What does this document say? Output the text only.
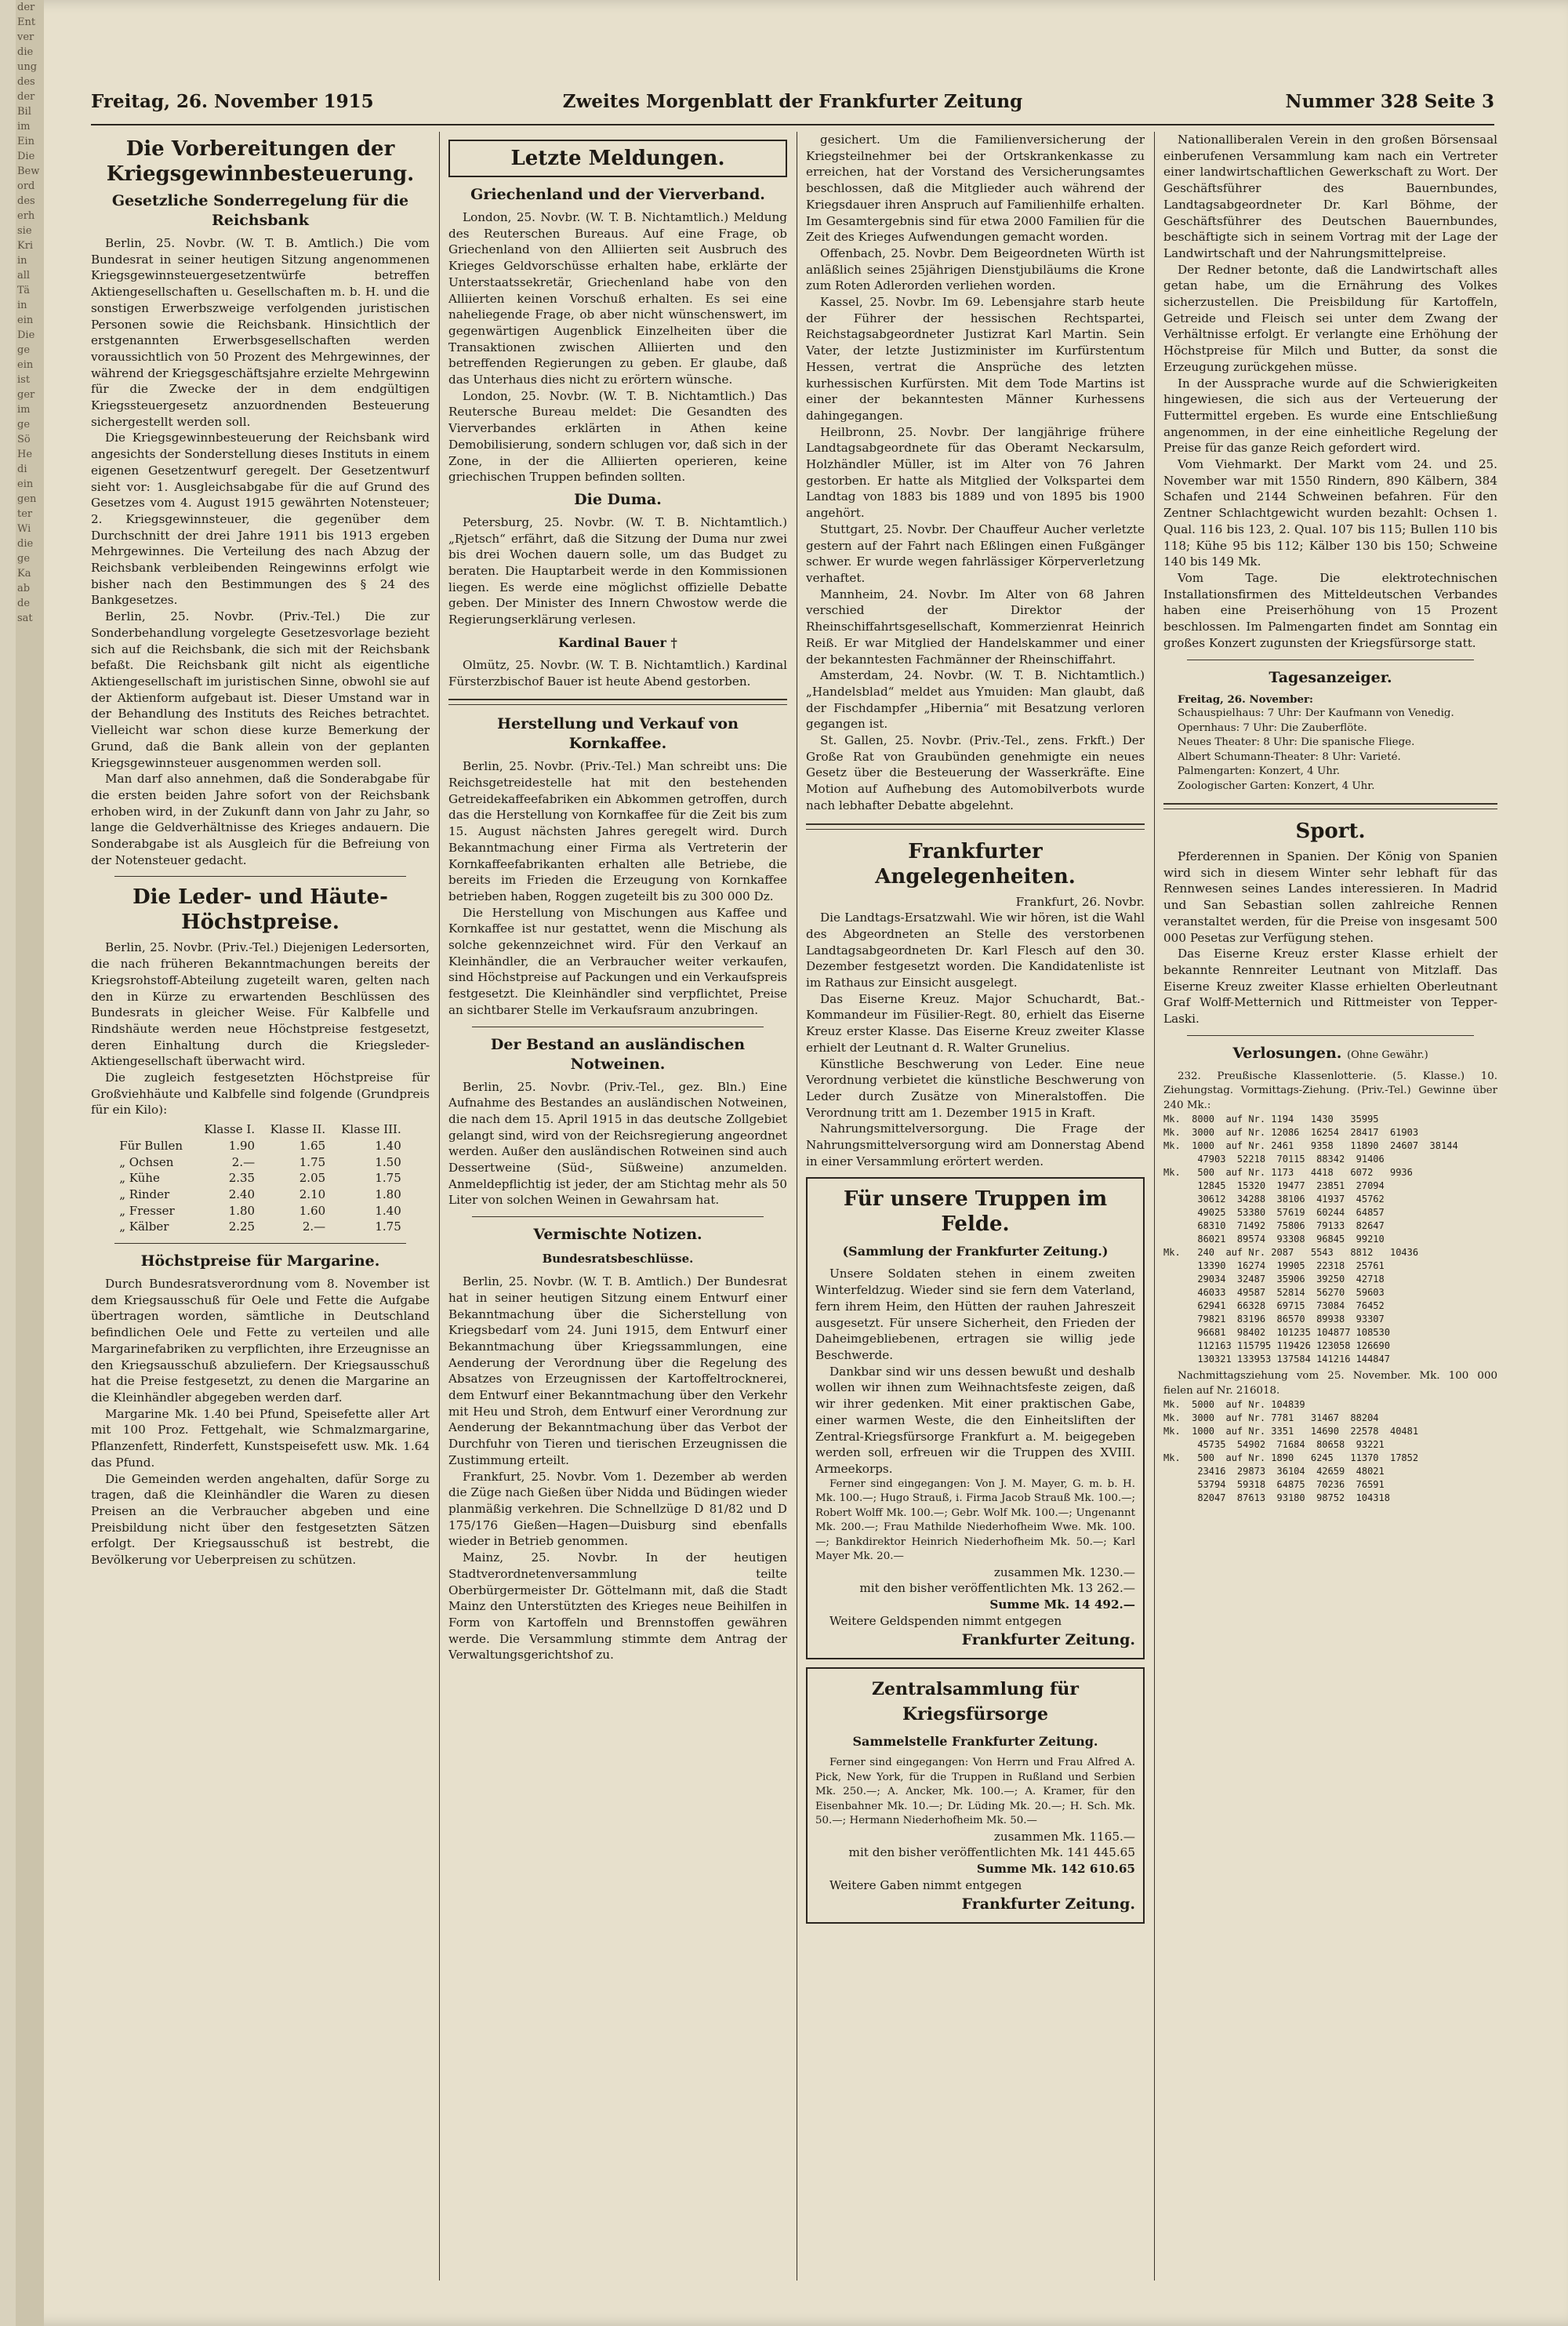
der

Ent

ver

die

ung

des

der

Bil

im

Ein

Die

Bew

ord

des

erh

sie

Kri

in

all

Tä

in

ein

Die

ge

ein

ist

ger

im

ge

Sö

He

di

ein

gen

ter

Wi

die

ge

Ka

ab

de

sat

Freitag, 26. November 1915	Zweites Morgenblatt der Frankfurter Zeitung	Nummer 328 Seite 3
Die Vorbereitungen der Kriegsgewinnbesteuerung.
Gesetzliche Sonderregelung für die Reichsbank

Berlin, 25. Novbr. (W. T. B. Amtlich.) Die vom Bundesrat in seiner heutigen Sitzung angenommenen Kriegsgewinnsteuergesetzentwürfe betreffen Aktiengesellschaften u. Gesellschaften m. b. H. und die sonstigen Erwerbszweige verfolgenden juristischen Personen sowie die Reichsbank. Hinsichtlich der erstgenannten Erwerbsgesellschaften werden voraussichtlich von 50 Prozent des Mehrgewinnes, der während der Kriegsgeschäftsjahre erzielte Mehrgewinn für die Zwecke der in dem endgültigen Kriegssteuergesetz anzuordnenden Besteuerung sichergestellt werden soll.

Die Kriegsgewinnbesteuerung der Reichsbank wird angesichts der Sonderstellung dieses Instituts in einem eigenen Gesetzentwurf geregelt. Der Gesetzentwurf sieht vor: 1. Ausgleichsabgabe für die auf Grund des Gesetzes vom 4. August 1915 gewährten Notensteuer; 2. Kriegsgewinnsteuer, die gegenüber dem Durchschnitt der drei Jahre 1911 bis 1913 ergeben Mehrgewinnes. Die Verteilung des nach Abzug der Reichsbank verbleibenden Reingewinns erfolgt wie bisher nach den Bestimmungen des § 24 des Bankgesetzes.

Berlin, 25. Novbr. (Priv.-Tel.) Die zur Sonderbehandlung vorgelegte Gesetzesvorlage bezieht sich auf die Reichsbank, die sich mit der Reichsbank befaßt. Die Reichsbank gilt nicht als eigentliche Aktiengesellschaft im juristischen Sinne, obwohl sie auf der Aktienform aufgebaut ist. Dieser Umstand war in der Behandlung des Instituts des Reiches betrachtet. Vielleicht war schon diese kurze Bemerkung der Grund, daß die Bank allein von der geplanten Kriegsgewinnsteuer ausgenommen werden soll.

Man darf also annehmen, daß die Sonderabgabe für die ersten beiden Jahre sofort von der Reichsbank erhoben wird, in der Zukunft dann von Jahr zu Jahr, so lange die Geldverhältnisse des Krieges andauern. Die Sonderabgabe ist als Ausgleich für die Befreiung von der Notensteuer gedacht.

Die Leder- und Häute-Höchstpreise.

Berlin, 25. Novbr. (Priv.-Tel.) Diejenigen Ledersorten, die nach früheren Bekanntmachungen bereits der Kriegsrohstoff-Abteilung zugeteilt waren, gelten nach den in Kürze zu erwartenden Beschlüssen des Bundesrats in gleicher Weise. Für Kalbfelle und Rindshäute werden neue Höchstpreise festgesetzt, deren Einhaltung durch die Kriegsleder-Aktiengesellschaft überwacht wird.

Die zugleich festgesetzten Höchstpreise für Großviehhäute und Kalbfelle sind folgende (Grundpreis für ein Kilo):

	Klasse I.	Klasse II.	Klasse III.
Für Bullen	1.90	1.65	1.40
„ Ochsen	2.—	1.75	1.50
„ Kühe	2.35	2.05	1.75
„ Rinder	2.40	2.10	1.80
„ Fresser	1.80	1.60	1.40
„ Kälber	2.25	2.—	1.75
Höchstpreise für Margarine.

Durch Bundesratsverordnung vom 8. November ist dem Kriegsausschuß für Oele und Fette die Aufgabe übertragen worden, sämtliche in Deutschland befindlichen Oele und Fette zu verteilen und alle Margarinefabriken zu verpflichten, ihre Erzeugnisse an den Kriegsausschuß abzuliefern. Der Kriegsausschuß hat die Preise festgesetzt, zu denen die Margarine an die Kleinhändler abgegeben werden darf.

Margarine Mk. 1.40 bei Pfund, Speisefette aller Art mit 100 Proz. Fettgehalt, wie Schmalzmargarine, Pflanzenfett, Rinderfett, Kunstspeisefett usw. Mk. 1.64 das Pfund.

Die Gemeinden werden angehalten, dafür Sorge zu tragen, daß die Kleinhändler die Waren zu diesen Preisen an die Verbraucher abgeben und eine Preisbildung nicht über den festgesetzten Sätzen erfolgt. Der Kriegsausschuß ist bestrebt, die Bevölkerung vor Ueberpreisen zu schützen.

Letzte Meldungen.
Griechenland und der Vierverband.

London, 25. Novbr. (W. T. B. Nichtamtlich.) Meldung des Reuterschen Bureaus. Auf eine Frage, ob Griechenland von den Alliierten seit Ausbruch des Krieges Geldvorschüsse erhalten habe, erklärte der Unterstaatssekretär, Griechenland habe von den Alliierten keinen Vorschuß erhalten. Es sei eine naheliegende Frage, ob aber nicht wünschenswert, im gegenwärtigen Augenblick Einzelheiten über die Transaktionen zwischen Alliierten und den betreffenden Regierungen zu geben. Er glaube, daß das Unterhaus dies nicht zu erörtern wünsche.

London, 25. Novbr. (W. T. B. Nichtamtlich.) Das Reutersche Bureau meldet: Die Gesandten des Vierverbandes erklärten in Athen keine Demobilisierung, sondern schlugen vor, daß sich in der Zone, in der die Alliierten operieren, keine griechischen Truppen befinden sollten.

Die Duma.

Petersburg, 25. Novbr. (W. T. B. Nichtamtlich.) „Rjetsch“ erfährt, daß die Sitzung der Duma nur zwei bis drei Wochen dauern solle, um das Budget zu beraten. Die Hauptarbeit werde in den Kommissionen liegen. Es werde eine möglichst offizielle Debatte geben. Der Minister des Innern Chwostow werde die Regierungserklärung verlesen.

Kardinal Bauer †

Olmütz, 25. Novbr. (W. T. B. Nichtamtlich.) Kardinal Fürsterzbischof Bauer ist heute Abend gestorben.

Herstellung und Verkauf von Kornkaffee.

Berlin, 25. Novbr. (Priv.-Tel.) Man schreibt uns: Die Reichsgetreidestelle hat mit den bestehenden Getreidekaffeefabriken ein Abkommen getroffen, durch das die Herstellung von Kornkaffee für die Zeit bis zum 15. August nächsten Jahres geregelt wird. Durch Bekanntmachung einer Firma als Vertreterin der Kornkaffeefabrikanten erhalten alle Betriebe, die bereits im Frieden die Erzeugung von Kornkaffee betrieben haben, Roggen zugeteilt bis zu 300 000 Dz.

Die Herstellung von Mischungen aus Kaffee und Kornkaffee ist nur gestattet, wenn die Mischung als solche gekennzeichnet wird. Für den Verkauf an Kleinhändler, die an Verbraucher weiter verkaufen, sind Höchstpreise auf Packungen und ein Verkaufspreis festgesetzt. Die Kleinhändler sind verpflichtet, Preise an sichtbarer Stelle im Verkaufsraum anzubringen.

Der Bestand an ausländischen Notweinen.

Berlin, 25. Novbr. (Priv.-Tel., gez. Bln.) Eine Aufnahme des Bestandes an ausländischen Notweinen, die nach dem 15. April 1915 in das deutsche Zollgebiet gelangt sind, wird von der Reichsregierung angeordnet werden. Außer den ausländischen Rotweinen sind auch Dessertweine (Süd-, Süßweine) anzumelden. Anmeldepflichtig ist jeder, der am Stichtag mehr als 50 Liter von solchen Weinen in Gewahrsam hat.

Vermischte Notizen.
Bundesratsbeschlüsse.

Berlin, 25. Novbr. (W. T. B. Amtlich.) Der Bundesrat hat in seiner heutigen Sitzung einem Entwurf einer Bekanntmachung über die Sicherstellung von Kriegsbedarf vom 24. Juni 1915, dem Entwurf einer Bekanntmachung über Kriegssammlungen, eine Aenderung der Verordnung über die Regelung des Absatzes von Erzeugnissen der Kartoffeltrocknerei, dem Entwurf einer Bekanntmachung über den Verkehr mit Heu und Stroh, dem Entwurf einer Verordnung zur Aenderung der Bekanntmachung über das Verbot der Durchfuhr von Tieren und tierischen Erzeugnissen die Zustimmung erteilt.

Frankfurt, 25. Novbr. Vom 1. Dezember ab werden die Züge nach Gießen über Nidda und Büdingen wieder planmäßig verkehren. Die Schnellzüge D 81/82 und D 175/176 Gießen—Hagen—Duisburg sind ebenfalls wieder in Betrieb genommen.

Mainz, 25. Novbr. In der heutigen Stadtverordnetenversammlung teilte Oberbürgermeister Dr. Göttelmann mit, daß die Stadt Mainz den Unterstützten des Krieges neue Beihilfen in Form von Kartoffeln und Brennstoffen gewähren werde. Die Versammlung stimmte dem Antrag der Verwaltungsgerichtshof zu.

gesichert. Um die Familienversicherung der Kriegsteilnehmer bei der Ortskrankenkasse zu erreichen, hat der Vorstand des Versicherungsamtes beschlossen, daß die Mitglieder auch während der Kriegsdauer ihren Anspruch auf Familienhilfe erhalten. Im Gesamtergebnis sind für etwa 2000 Familien für die Zeit des Krieges Aufwendungen gemacht worden.

Offenbach, 25. Novbr. Dem Beigeordneten Würth ist anläßlich seines 25jährigen Dienstjubiläums die Krone zum Roten Adlerorden verliehen worden.

Kassel, 25. Novbr. Im 69. Lebensjahre starb heute der Führer der hessischen Rechtspartei, Reichstagsabgeordneter Justizrat Karl Martin. Sein Vater, der letzte Justizminister im Kurfürstentum Hessen, vertrat die Ansprüche des letzten kurhessischen Kurfürsten. Mit dem Tode Martins ist einer der bekanntesten Männer Kurhessens dahingegangen.

Heilbronn, 25. Novbr. Der langjährige frühere Landtagsabgeordnete für das Oberamt Neckarsulm, Holzhändler Müller, ist im Alter von 76 Jahren gestorben. Er hatte als Mitglied der Volkspartei dem Landtag von 1883 bis 1889 und von 1895 bis 1900 angehört.

Stuttgart, 25. Novbr. Der Chauffeur Aucher verletzte gestern auf der Fahrt nach Eßlingen einen Fußgänger schwer. Er wurde wegen fahrlässiger Körperverletzung verhaftet.

Mannheim, 24. Novbr. Im Alter von 68 Jahren verschied der Direktor der Rheinschiffahrtsgesellschaft, Kommerzienrat Heinrich Reiß. Er war Mitglied der Handelskammer und einer der bekanntesten Fachmänner der Rheinschiffahrt.

Amsterdam, 24. Novbr. (W. T. B. Nichtamtlich.) „Handelsblad“ meldet aus Ymuiden: Man glaubt, daß der Fischdampfer „Hibernia“ mit Besatzung verloren gegangen ist.

St. Gallen, 25. Novbr. (Priv.-Tel., zens. Frkft.) Der Große Rat von Graubünden genehmigte ein neues Gesetz über die Besteuerung der Wasserkräfte. Eine Motion auf Aufhebung des Automobilverbots wurde nach lebhafter Debatte abgelehnt.

Frankfurter Angelegenheiten.

Frankfurt, 26. Novbr.

Die Landtags-Ersatzwahl. Wie wir hören, ist die Wahl des Abgeordneten an Stelle des verstorbenen Landtagsabgeordneten Dr. Karl Flesch auf den 30. Dezember festgesetzt worden. Die Kandidatenliste ist im Rathaus zur Einsicht ausgelegt.

Das Eiserne Kreuz. Major Schuchardt, Bat.-Kommandeur im Füsilier-Regt. 80, erhielt das Eiserne Kreuz erster Klasse. Das Eiserne Kreuz zweiter Klasse erhielt der Leutnant d. R. Walter Grunelius.

Künstliche Beschwerung von Leder. Eine neue Verordnung verbietet die künstliche Beschwerung von Leder durch Zusätze von Mineralstoffen. Die Verordnung tritt am 1. Dezember 1915 in Kraft.

Nahrungsmittelversorgung. Die Frage der Nahrungsmittelversorgung wird am Donnerstag Abend in einer Versammlung erörtert werden.

Für unsere Truppen im Felde.
(Sammlung der Frankfurter Zeitung.)

Unsere Soldaten stehen in einem zweiten Winterfeldzug. Wieder sind sie fern dem Vaterland, fern ihrem Heim, den Hütten der rauhen Jahreszeit ausgesetzt. Für unsere Sicherheit, den Frieden der Daheimgebliebenen, ertragen sie willig jede Beschwerde.

Dankbar sind wir uns dessen bewußt und deshalb wollen wir ihnen zum Weihnachtsfeste zeigen, daß wir ihrer gedenken. Mit einer praktischen Gabe, einer warmen Weste, die den Einheitsliften der Zentral-Kriegsfürsorge Frankfurt a. M. beigegeben werden soll, erfreuen wir die Truppen des XVIII. Armeekorps.

Ferner sind eingegangen: Von J. M. Mayer, G. m. b. H. Mk. 100.—; Hugo Strauß, i. Firma Jacob Strauß Mk. 100.—; Robert Wolff Mk. 100.—; Gebr. Wolf Mk. 100.—; Ungenannt Mk. 200.—; Frau Mathilde Niederhofheim Wwe. Mk. 100.—; Bankdirektor Heinrich Niederhofheim Mk. 50.—; Karl Mayer Mk. 20.—

zusammen Mk. 1230.—

mit den bisher veröffentlichten Mk. 13 262.—

Summe Mk. 14 492.—

Weitere Geldspenden nimmt entgegen

Frankfurter Zeitung.
Zentralsammlung für Kriegsfürsorge
Sammelstelle Frankfurter Zeitung.

Ferner sind eingegangen: Von Herrn und Frau Alfred A. Pick, New York, für die Truppen in Rußland und Serbien Mk. 250.—; A. Ancker, Mk. 100.—; A. Kramer, für den Eisenbahner Mk. 10.—; Dr. Lüding Mk. 20.—; H. Sch. Mk. 50.—; Hermann Niederhofheim Mk. 50.—

zusammen Mk. 1165.—

mit den bisher veröffentlichten Mk. 141 445.65

Summe Mk. 142 610.65

Weitere Gaben nimmt entgegen

Frankfurter Zeitung.

Nationalliberalen Verein in den großen Börsensaal einberufenen Versammlung kam nach ein Vertreter einer landwirtschaftlichen Gewerkschaft zu Wort. Der Geschäftsführer des Bauernbundes, Landtagsabgeordneter Dr. Karl Böhme, der Geschäftsführer des Deutschen Bauernbundes, beschäftigte sich in seinem Vortrag mit der Lage der Landwirtschaft und der Nahrungsmittelpreise.

Der Redner betonte, daß die Landwirtschaft alles getan habe, um die Ernährung des Volkes sicherzustellen. Die Preisbildung für Kartoffeln, Getreide und Fleisch sei unter dem Zwang der Verhältnisse erfolgt. Er verlangte eine Erhöhung der Höchstpreise für Milch und Butter, da sonst die Erzeugung zurückgehen müsse.

In der Aussprache wurde auf die Schwierigkeiten hingewiesen, die sich aus der Verteuerung der Futtermittel ergeben. Es wurde eine Entschließung angenommen, in der eine einheitliche Regelung der Preise für das ganze Reich gefordert wird.

Vom Viehmarkt. Der Markt vom 24. und 25. November war mit 1550 Rindern, 890 Kälbern, 384 Schafen und 2144 Schweinen befahren. Für den Zentner Schlachtgewicht wurden bezahlt: Ochsen 1. Qual. 116 bis 123, 2. Qual. 107 bis 115; Bullen 110 bis 118; Kühe 95 bis 112; Kälber 130 bis 150; Schweine 140 bis 149 Mk.

Vom Tage. Die elektrotechnischen Installationsfirmen des Mitteldeutschen Verbandes haben eine Preiserhöhung von 15 Prozent beschlossen. Im Palmengarten findet am Sonntag ein großes Konzert zugunsten der Kriegsfürsorge statt.

Tagesanzeiger.

Freitag, 26. November:

Schauspielhaus: 7 Uhr: Der Kaufmann von Venedig.

Opernhaus: 7 Uhr: Die Zauberflöte.

Neues Theater: 8 Uhr: Die spanische Fliege.

Albert Schumann-Theater: 8 Uhr: Varieté.

Palmengarten: Konzert, 4 Uhr.

Zoologischer Garten: Konzert, 4 Uhr.

Sport.

Pferderennen in Spanien. Der König von Spanien wird sich in diesem Winter sehr lebhaft für das Rennwesen seines Landes interessieren. In Madrid und San Sebastian sollen zahlreiche Rennen veranstaltet werden, für die Preise von insgesamt 500 000 Pesetas zur Verfügung stehen.

Das Eiserne Kreuz erster Klasse erhielt der bekannte Rennreiter Leutnant von Mitzlaff. Das Eiserne Kreuz zweiter Klasse erhielten Oberleutnant Graf Wolff-Metternich und Rittmeister von Tepper-Laski.

Verlosungen. (Ohne Gewähr.)

232. Preußische Klassenlotterie. (5. Klasse.) 10. Ziehungstag. Vormittags-Ziehung. (Priv.-Tel.) Gewinne über 240 Mk.:

Mk.  8000  auf Nr. 1194   1430   35995
Mk.  3000  auf Nr. 12086  16254  28417  61903
Mk.  1000  auf Nr. 2461   9358   11890  24607  38144
47903  52218  70115  88342  91406
Mk.   500  auf Nr. 1173   4418   6072   9936
12845  15320  19477  23851  27094
30612  34288  38106  41937  45762
49025  53380  57619  60244  64857
68310  71492  75806  79133  82647
86021  89574  93308  96845  99210
Mk.   240  auf Nr. 2087   5543   8812   10436
13390  16274  19905  22318  25761
29034  32487  35906  39250  42718
46033  49587  52814  56270  59603
62941  66328  69715  73084  76452
79821  83196  86570  89938  93307
96681  98402  101235 104877 108530
112163 115795 119426 123058 126690
130321 133953 137584 141216 144847

Nachmittagsziehung vom 25. November. Mk. 100 000 fielen auf Nr. 216018.

Mk.  5000  auf Nr. 104839
Mk.  3000  auf Nr. 7781   31467  88204
Mk.  1000  auf Nr. 3351   14690  22578  40481
45735  54902  71684  80658  93221
Mk.   500  auf Nr. 1890   6245   11370  17852
23416  29873  36104  42659  48021
53794  59318  64875  70236  76591
82047  87613  93180  98752  104318
